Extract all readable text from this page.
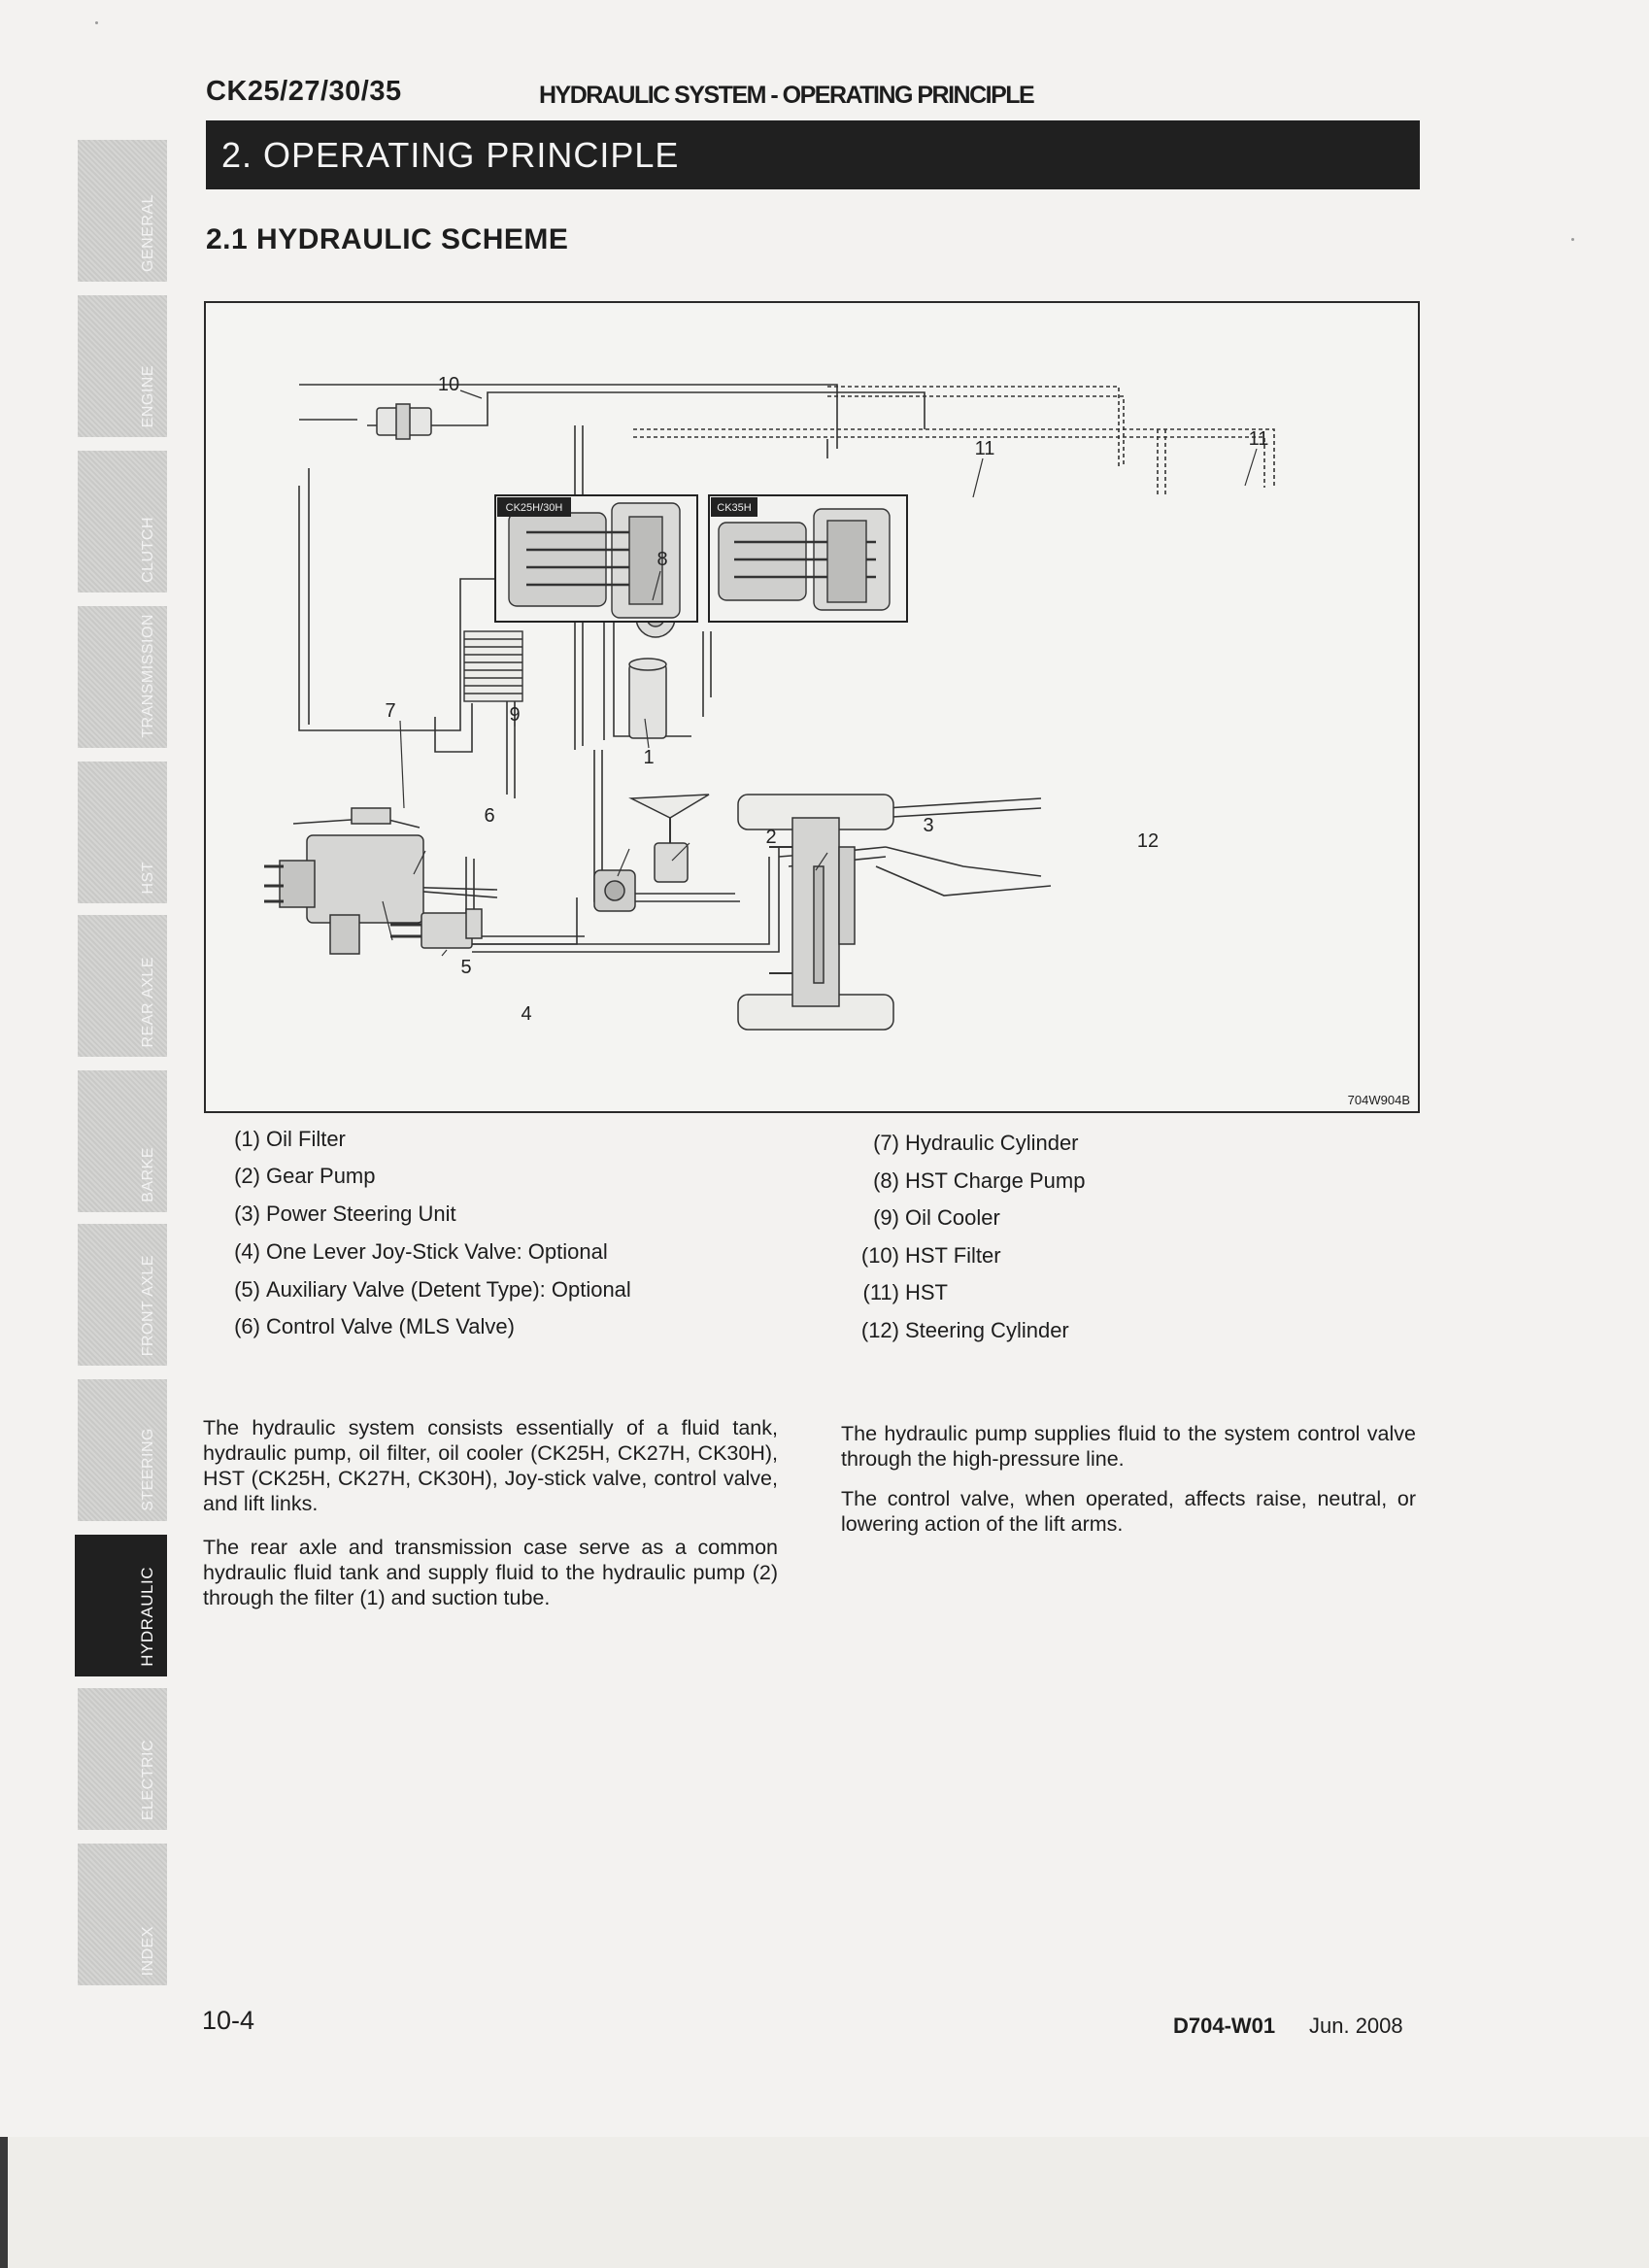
CK25/27/30/35	HYDRAULIC SYSTEM - OPERATING PRINCIPLE
2. OPERATING PRINCIPLE
2.1 HYDRAULIC SCHEME
GENERAL
ENGINE
CLUTCH
TRANSMISSION
HST
REAR AXLE
BARKE
FRONT AXLE
STEERING
HYDRAULIC
ELECTRIC
INDEX
CK25H/30H	CK35H
10
11	11
8
9
1
7
6
5
4
2
3
12
704W904B
(1) Oil Filter
(2) Gear Pump
(3) Power Steering Unit
(4) One Lever Joy-Stick Valve: Optional
(5) Auxiliary Valve (Detent Type): Optional
(6) Control Valve (MLS Valve)
(7) Hydraulic Cylinder
(8) HST Charge Pump
(9) Oil Cooler
(10) HST Filter
(11) HST
(12) Steering Cylinder

The hydraulic system consists essentially of a fluid tank, hydraulic pump, oil filter, oil cooler (CK25H, CK27H, CK30H), HST (CK25H, CK27H, CK30H), Joy-stick valve, control valve, and lift links.

The rear axle and transmission case serve as a common hydraulic fluid tank and supply fluid to the hydraulic pump (2) through the filter (1) and suction tube.

The hydraulic pump supplies fluid to the system control valve through the high-pressure line.

The control valve, when operated, affects raise, neutral, or lowering action of the lift arms.

10-4	D704-W01 Jun. 2008
